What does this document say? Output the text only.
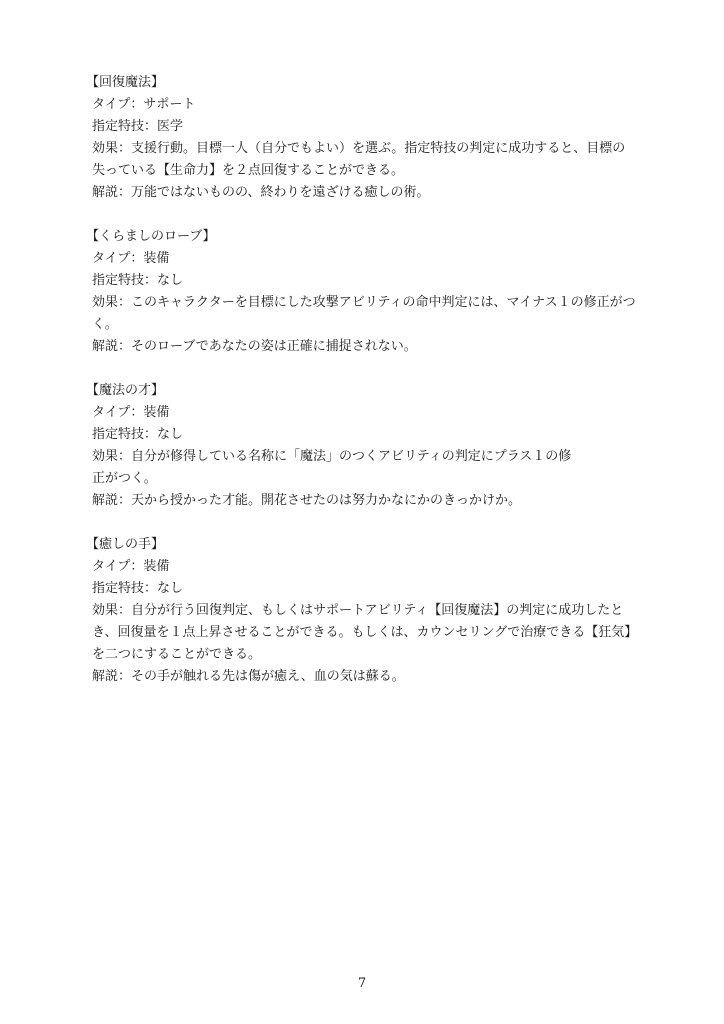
【回復魔法】

タイプ：サポート

指定特技：医学

効果：支援行動。目標一人（自分でもよい）を選ぶ。指定特技の判定に成功すると、目標の失っている【生命力】を２点回復することができる。

解説：万能ではないものの、終わりを遠ざける癒しの術。

【くらましのローブ】

タイプ：装備

指定特技：なし

効果：このキャラクターを目標にした攻撃アビリティの命中判定には、マイナス１の修正がつく。

解説：そのローブであなたの姿は正確に捕捉されない。

【魔法の才】

タイプ：装備

指定特技：なし

効果：自分が修得している名称に「魔法」のつくアビリティの判定にプラス１の修

正がつく。

解説：天から授かった才能。開花させたのは努力かなにかのきっかけか。

【癒しの手】

タイプ：装備

指定特技：なし

効果：自分が行う回復判定、もしくはサポートアビリティ【回復魔法】の判定に成功したとき、回復量を１点上昇させることができる。もしくは、カウンセリングで治療できる【狂気】を二つにすることができる。

解説：その手が触れる先は傷が癒え、血の気は蘇る。

7
